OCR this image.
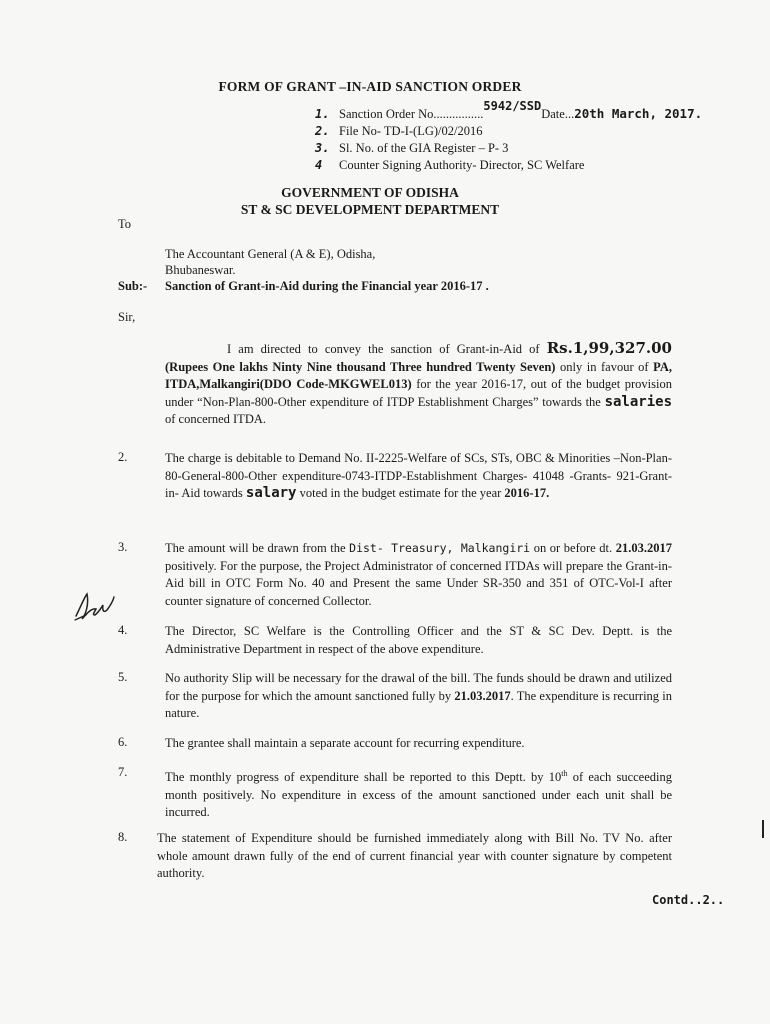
FORM OF GRANT –IN-AID SANCTION ORDER
1. Sanction Order No................5942/SSDDate...20th March, 2017.
2. File No- TD-I-(LG)/02/2016
3. Sl. No. of the GIA Register – P- 3
4 Counter Signing Authority- Director, SC Welfare
GOVERNMENT OF ODISHA
ST & SC DEVELOPMENT DEPARTMENT
To
The Accountant General (A & E), Odisha,
Bhubaneswar.
Sub:- Sanction of Grant-in-Aid during the Financial year 2016-17 .
Sir,
I am directed to convey the sanction of Grant-in-Aid of Rs.1,99,327.00 (Rupees One lakhs Ninty Nine thousand Three hundred Twenty Seven) only in favour of PA, ITDA,Malkangiri(DDO Code-MKGWEL013) for the year 2016-17, out of the budget provision under “Non-Plan-800-Other expenditure of ITDP Establishment Charges” towards the salaries of concerned ITDA.
2.	The charge is debitable to Demand No. II-2225-Welfare of SCs, STs, OBC & Minorities –Non-Plan- 80-General-800-Other expenditure-0743-ITDP-Establishment Charges- 41048 -Grants- 921-Grant-in- Aid towards salary voted in the budget estimate for the year 2016-17.
3.	The amount will be drawn from the Dist- Treasury, Malkangiri on or before dt. 21.03.2017 positively. For the purpose, the Project Administrator of concerned ITDAs will prepare the Grant-in-Aid bill in OTC Form No. 40 and Present the same Under SR-350 and 351 of OTC-Vol-I after counter signature of concerned Collector.
4.	The Director, SC Welfare is the Controlling Officer and the ST & SC Dev. Deptt. is the Administrative Department in respect of the above expenditure.
5.	No authority Slip will be necessary for the drawal of the bill. The funds should be drawn and utilized for the purpose for which the amount sanctioned fully by 21.03.2017. The expenditure is recurring in nature.
6.	The grantee shall maintain a separate account for recurring expenditure.
7.	The monthly progress of expenditure shall be reported to this Deptt. by 10th of each succeeding month positively. No expenditure in excess of the amount sanctioned under each unit shall be incurred.
8. The statement of Expenditure should be furnished immediately along with Bill No. TV No. after whole amount drawn fully of the end of current financial year with counter signature by competent authority.
Contd..2..
